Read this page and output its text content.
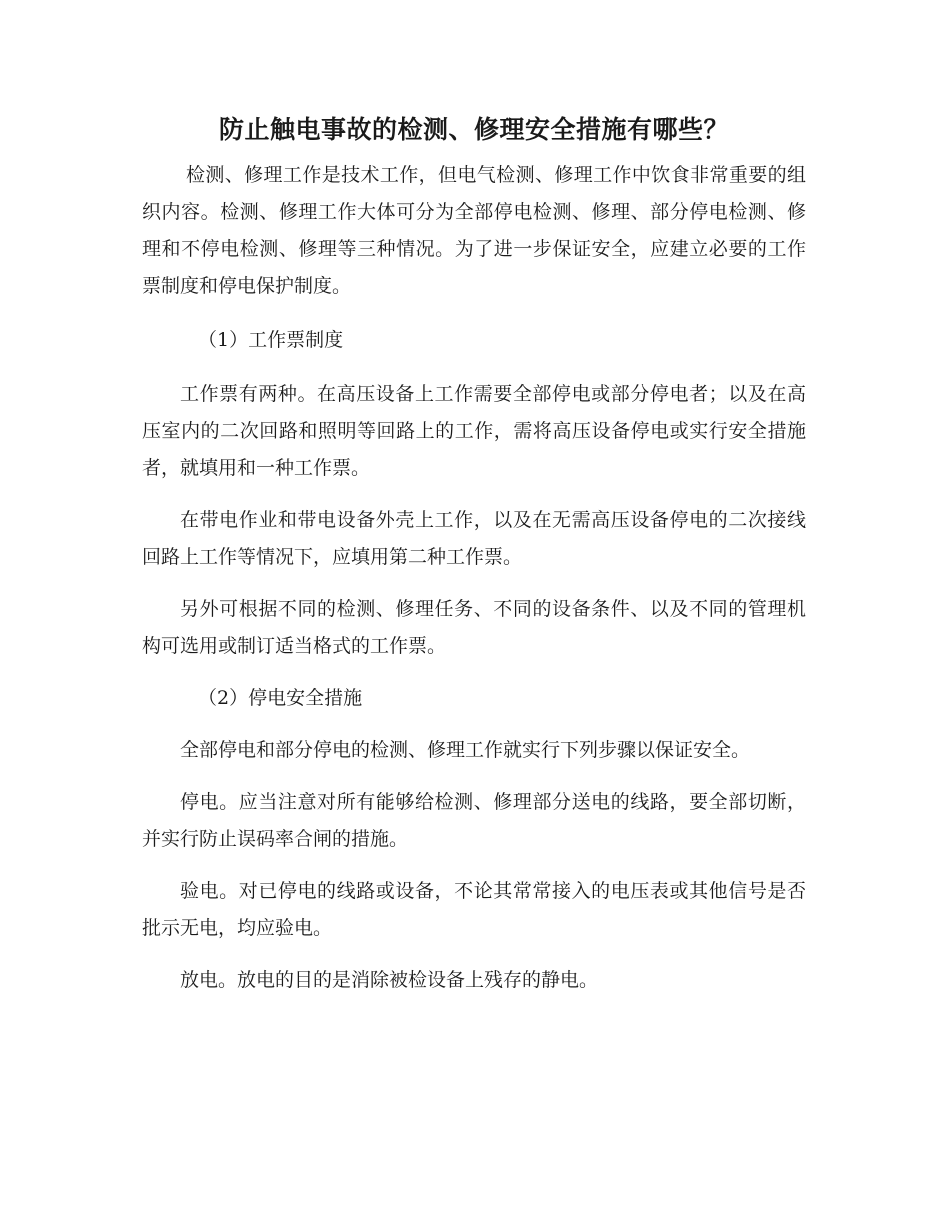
防止触电事故的检测、修理安全措施有哪些？

检测、修理工作是技术工作，但电气检测、修理工作中饮食非常重要的组织内容。检测、修理工作大体可分为全部停电检测、修理、部分停电检测、修理和不停电检测、修理等三种情况。为了进一步保证安全，应建立必要的工作票制度和停电保护制度。

（1）工作票制度

工作票有两种。在高压设备上工作需要全部停电或部分停电者；以及在高压室内的二次回路和照明等回路上的工作，需将高压设备停电或实行安全措施者，就填用和一种工作票。

在带电作业和带电设备外壳上工作，以及在无需高压设备停电的二次接线回路上工作等情况下，应填用第二种工作票。

另外可根据不同的检测、修理任务、不同的设备条件、以及不同的管理机构可选用或制订适当格式的工作票。

（2）停电安全措施

全部停电和部分停电的检测、修理工作就实行下列步骤以保证安全。

停电。应当注意对所有能够给检测、修理部分送电的线路，要全部切断，并实行防止误码率合闸的措施。

验电。对已停电的线路或设备，不论其常常接入的电压表或其他信号是否批示无电，均应验电。

放电。放电的目的是消除被检设备上残存的静电。
